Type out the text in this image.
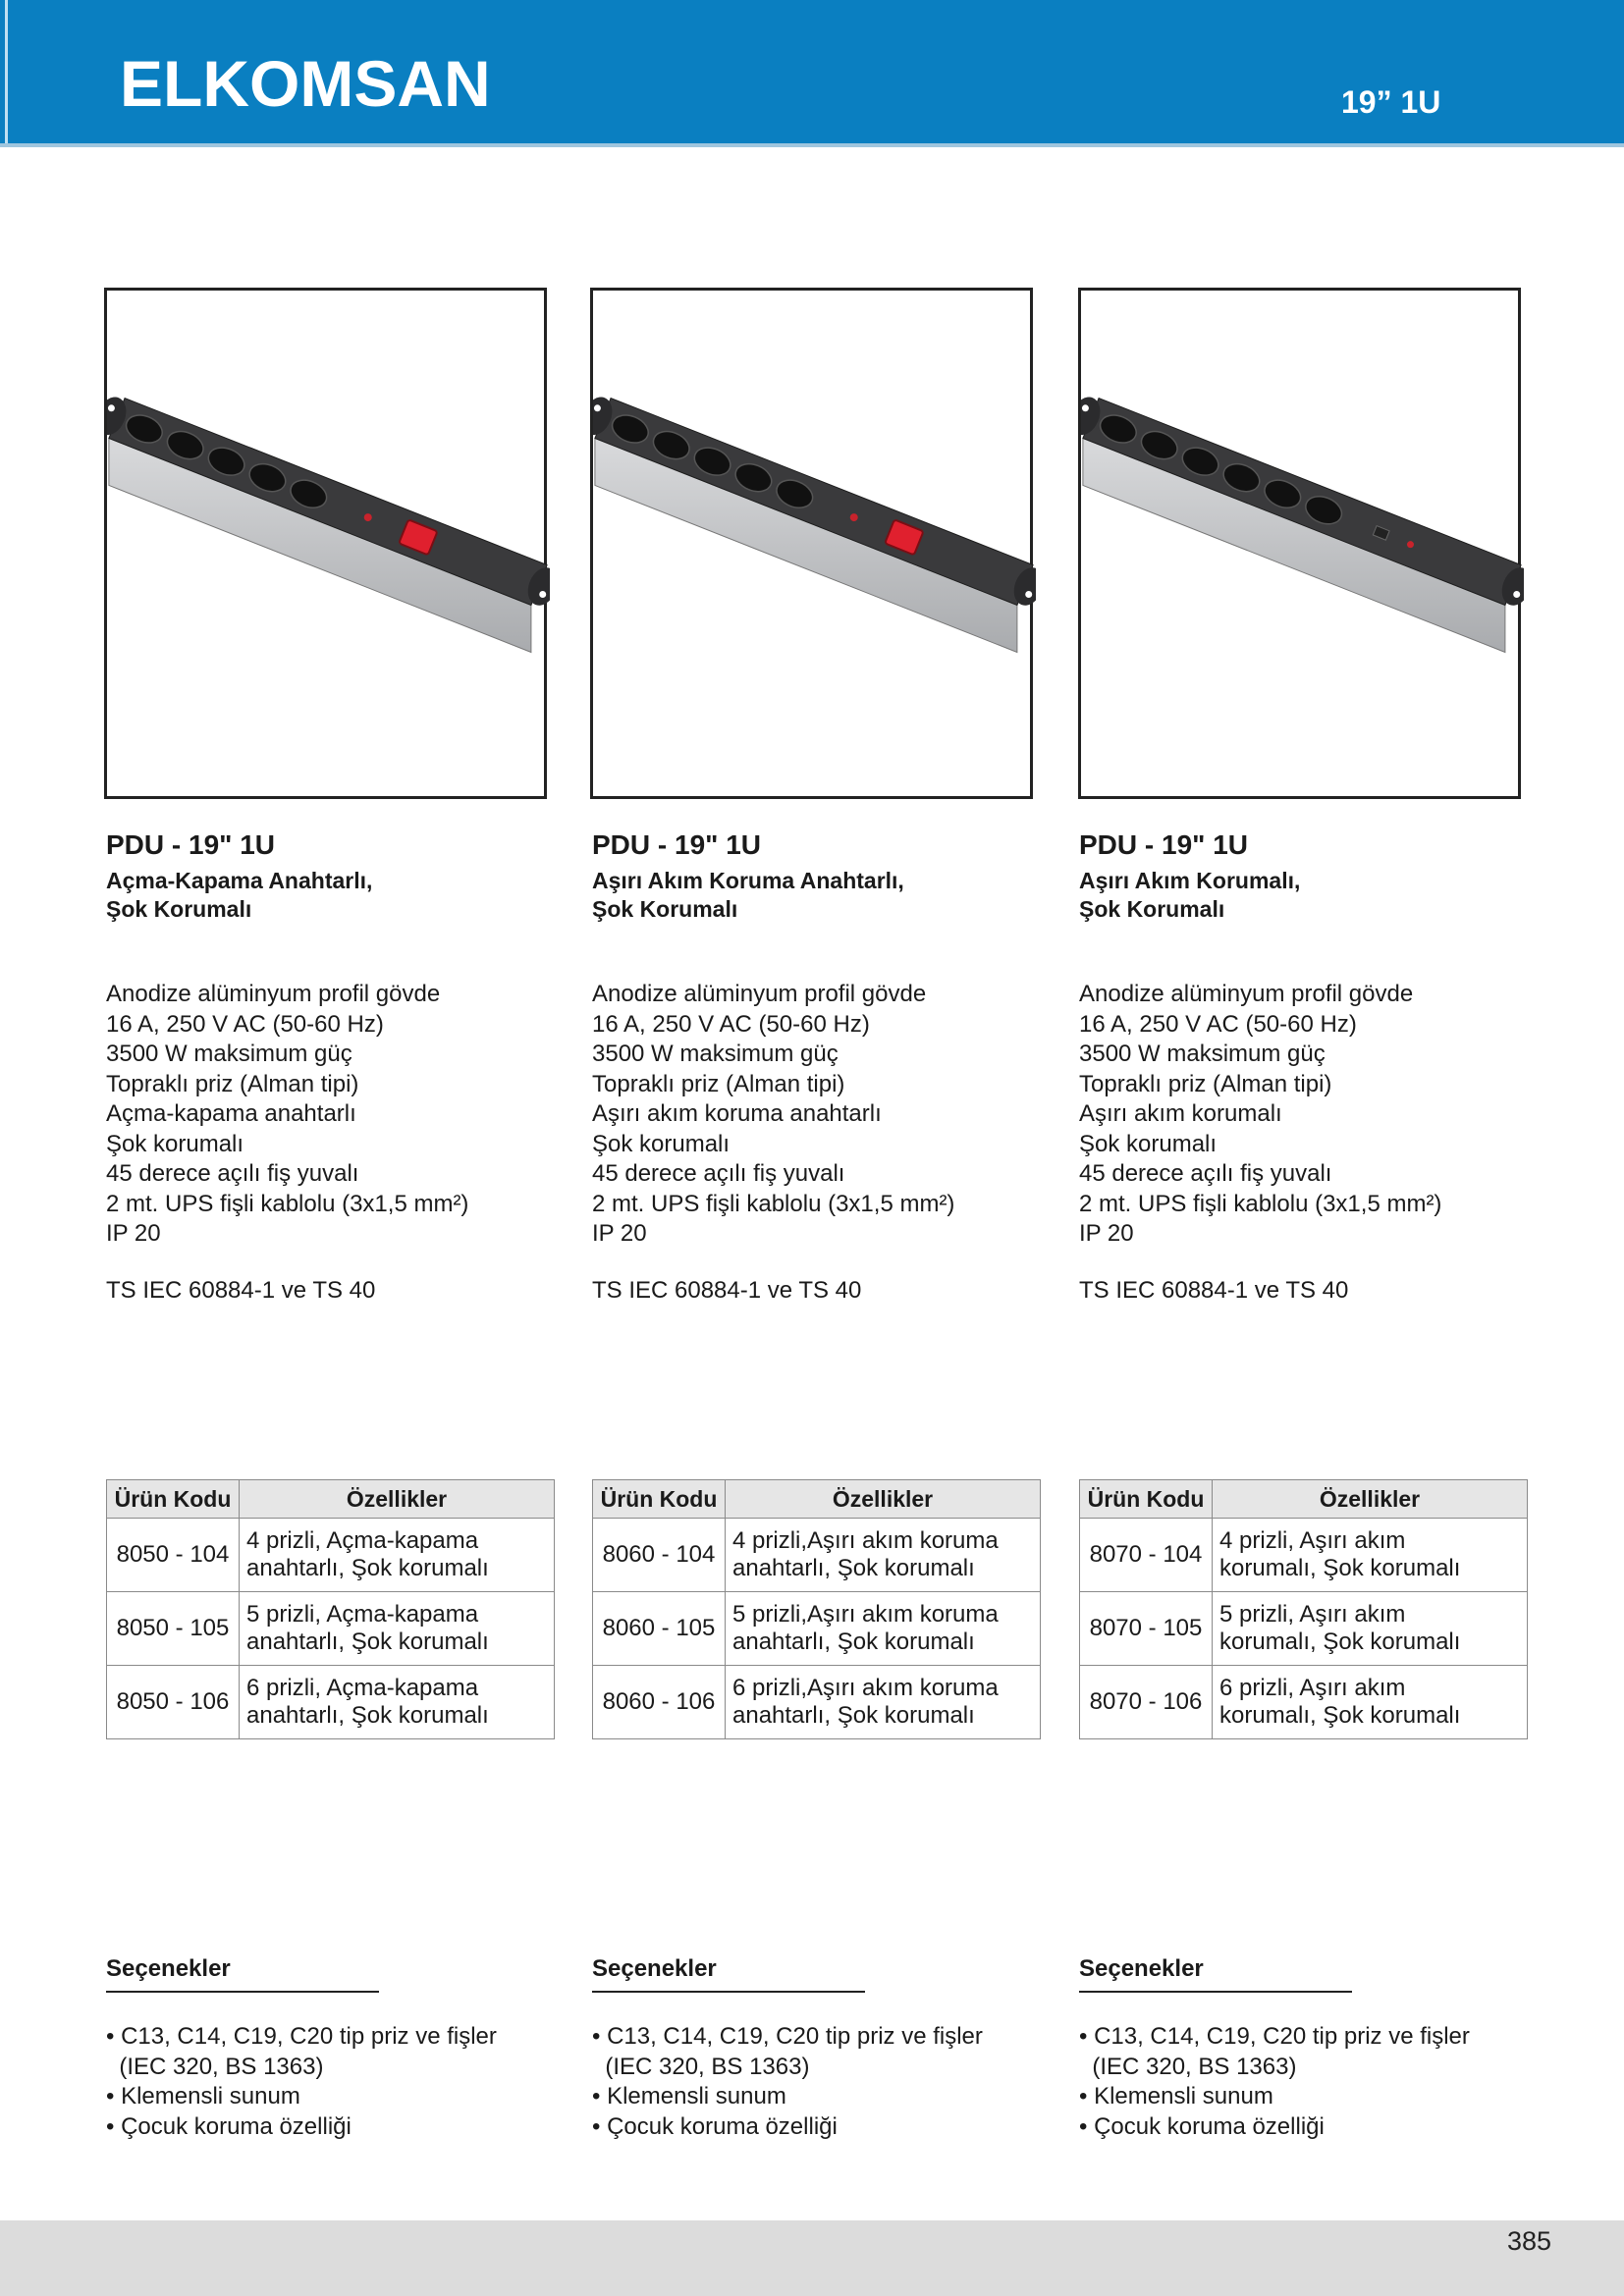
ELKOMSAN	19” 1U
PDU - 19" 1U
Açma-Kapama Anahtarlı,
Şok Korumalı
Anodize alüminyum profil gövde
16 A, 250 V AC (50-60 Hz)
3500 W maksimum güç
Topraklı priz (Alman tipi)
Açma-kapama anahtarlı
Şok korumalı
45 derece açılı fiş yuvalı
2 mt. UPS fişli kablolu (3x1,5 mm²)
IP 20
TS IEC 60884-1 ve TS 40
Ürün Kodu	Özellikler
8050 - 104	4 prizli, Açma-kapama
anahtarlı, Şok korumalı

8050 - 105	5 prizli, Açma-kapama
anahtarlı, Şok korumalı

8050 - 106	6 prizli, Açma-kapama
anahtarlı, Şok korumalı
Seçenekler
• C13, C14, C19, C20 tip priz ve fişler
(IEC 320, BS 1363)
• Klemensli sunum
• Çocuk koruma özelliği
PDU - 19" 1U
Aşırı Akım Koruma Anahtarlı,
Şok Korumalı
Anodize alüminyum profil gövde
16 A, 250 V AC (50-60 Hz)
3500 W maksimum güç
Topraklı priz (Alman tipi)
Aşırı akım koruma anahtarlı
Şok korumalı
45 derece açılı fiş yuvalı
2 mt. UPS fişli kablolu (3x1,5 mm²)
IP 20
TS IEC 60884-1 ve TS 40
Ürün Kodu	Özellikler
8060 - 104	4 prizli,Aşırı akım koruma
anahtarlı, Şok korumalı

8060 - 105	5 prizli,Aşırı akım koruma
anahtarlı, Şok korumalı

8060 - 106	6 prizli,Aşırı akım koruma
anahtarlı, Şok korumalı
Seçenekler
• C13, C14, C19, C20 tip priz ve fişler
(IEC 320, BS 1363)
• Klemensli sunum
• Çocuk koruma özelliği
PDU - 19" 1U
Aşırı Akım Korumalı,
Şok Korumalı
Anodize alüminyum profil gövde
16 A, 250 V AC (50-60 Hz)
3500 W maksimum güç
Topraklı priz (Alman tipi)
Aşırı akım korumalı
Şok korumalı
45 derece açılı fiş yuvalı
2 mt. UPS fişli kablolu (3x1,5 mm²)
IP 20
TS IEC 60884-1 ve TS 40
Ürün Kodu	Özellikler
8070 - 104	4 prizli, Aşırı akım
korumalı, Şok korumalı

8070 - 105	5 prizli, Aşırı akım
korumalı, Şok korumalı

8070 - 106	6 prizli, Aşırı akım
korumalı, Şok korumalı
Seçenekler
• C13, C14, C19, C20 tip priz ve fişler
(IEC 320, BS 1363)
• Klemensli sunum
• Çocuk koruma özelliği
385
